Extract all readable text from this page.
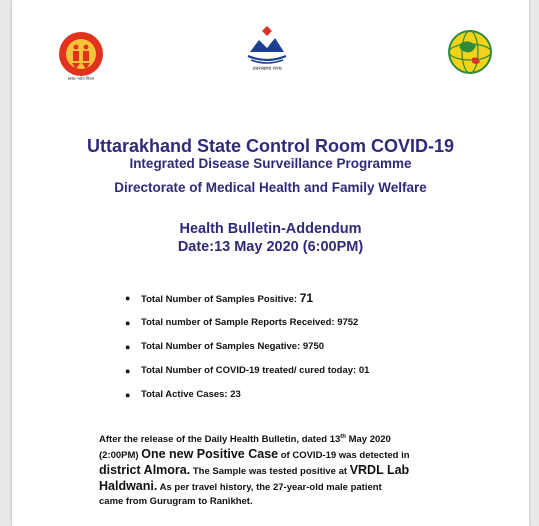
स्वस्थ भारत मिशन
उत्तराखण्ड राज्य
Uttarakhand State Control Room COVID-19
Integrated Disease Surveillance Programme
Directorate of Medical Health and Family Welfare
Health Bulletin-Addendum
Date:13 May 2020 (6:00PM)
●	Total Number of Samples Positive: 71
●	Total number of Sample Reports Received: 9752
●	Total Number of Samples Negative: 9750
●	Total Number of COVID-19 treated/ cured today: 01
●	Total Active Cases: 23
After the release of the Daily Health Bulletin, dated 13th May 2020
(2:00PM) One new Positive Case of COVID-19 was detected in
district Almora. The Sample was tested positive at VRDL Lab
Haldwani. As per travel history, the 27-year-old male patient
came from Gurugram to Ranikhet.
